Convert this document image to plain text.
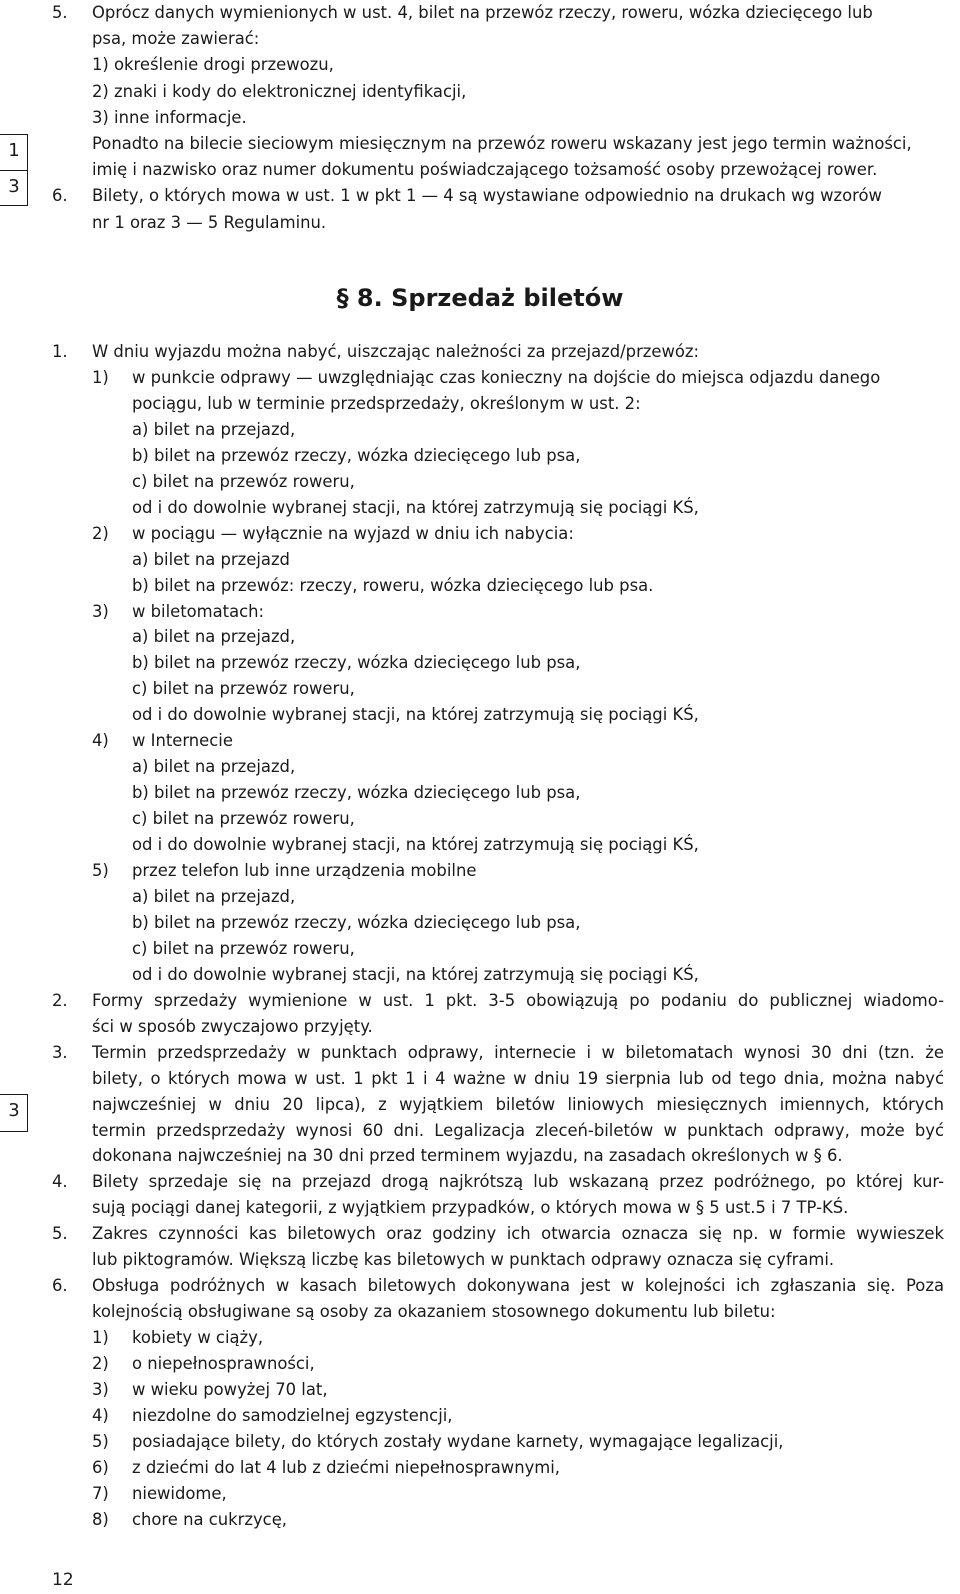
1
3
3
5. Oprócz danych wymienionych w ust. 4, bilet na przewóz rzeczy, roweru, wózka dziecięcego lub
psa, może zawierać:
1) określenie drogi przewozu,
2) znaki i kody do elektronicznej identyfikacji,
3) inne informacje.
Ponadto na bilecie sieciowym miesięcznym na przewóz roweru wskazany jest jego termin ważności,
imię i nazwisko oraz numer dokumentu poświadczającego tożsamość osoby przewożącej rower.
6. Bilety, o których mowa w ust. 1 w pkt 1 — 4 są wystawiane odpowiednio na drukach wg wzorów
nr 1 oraz 3 — 5 Regulaminu.
§ 8. Sprzedaż biletów
1. W dniu wyjazdu można nabyć, uiszczając należności za przejazd/przewóz:
1) w punkcie odprawy — uwzględniając czas konieczny na dojście do miejsca odjazdu danego
pociągu, lub w terminie przedsprzedaży, określonym w ust. 2:
a) bilet na przejazd,
b) bilet na przewóz rzeczy, wózka dziecięcego lub psa,
c) bilet na przewóz roweru,
od i do dowolnie wybranej stacji, na której zatrzymują się pociągi KŚ,
2) w pociągu — wyłącznie na wyjazd w dniu ich nabycia:
a) bilet na przejazd
b) bilet na przewóz: rzeczy, roweru, wózka dziecięcego lub psa.
3) w biletomatach:
a) bilet na przejazd,
b) bilet na przewóz rzeczy, wózka dziecięcego lub psa,
c) bilet na przewóz roweru,
od i do dowolnie wybranej stacji, na której zatrzymują się pociągi KŚ,
4) w Internecie
a) bilet na przejazd,
b) bilet na przewóz rzeczy, wózka dziecięcego lub psa,
c) bilet na przewóz roweru,
od i do dowolnie wybranej stacji, na której zatrzymują się pociągi KŚ,
5) przez telefon lub inne urządzenia mobilne
a) bilet na przejazd,
b) bilet na przewóz rzeczy, wózka dziecięcego lub psa,
c) bilet na przewóz roweru,
od i do dowolnie wybranej stacji, na której zatrzymują się pociągi KŚ,
2. Formy sprzedaży wymienione w ust. 1 pkt. 3-5 obowiązują po podaniu do publicznej wiadomo-
ści w sposób zwyczajowo przyjęty.
3. Termin przedsprzedaży w punktach odprawy, internecie i w biletomatach wynosi 30 dni (tzn. że
bilety, o których mowa w ust. 1 pkt 1 i 4 ważne w dniu 19 sierpnia lub od tego dnia, można nabyć
najwcześniej w dniu 20 lipca), z wyjątkiem biletów liniowych miesięcznych imiennych, których
termin przedsprzedaży wynosi 60 dni. Legalizacja zleceń-biletów w punktach odprawy, może być
dokonana najwcześniej na 30 dni przed terminem wyjazdu, na zasadach określonych w § 6.
4. Bilety sprzedaje się na przejazd drogą najkrótszą lub wskazaną przez podróżnego, po której kur-
sują pociągi danej kategorii, z wyjątkiem przypadków, o których mowa w § 5 ust.5 i 7 TP-KŚ.
5. Zakres czynności kas biletowych oraz godziny ich otwarcia oznacza się np. w formie wywieszek
lub piktogramów. Większą liczbę kas biletowych w punktach odprawy oznacza się cyframi.
6. Obsługa podróżnych w kasach biletowych dokonywana jest w kolejności ich zgłaszania się. Poza
kolejnością obsługiwane są osoby za okazaniem stosownego dokumentu lub biletu:
1) kobiety w ciąży,
2) o niepełnosprawności,
3) w wieku powyżej 70 lat,
4) niezdolne do samodzielnej egzystencji,
5) posiadające bilety, do których zostały wydane karnety, wymagające legalizacji,
6) z dziećmi do lat 4 lub z dziećmi niepełnosprawnymi,
7) niewidome,
8) chore na cukrzycę,
12
